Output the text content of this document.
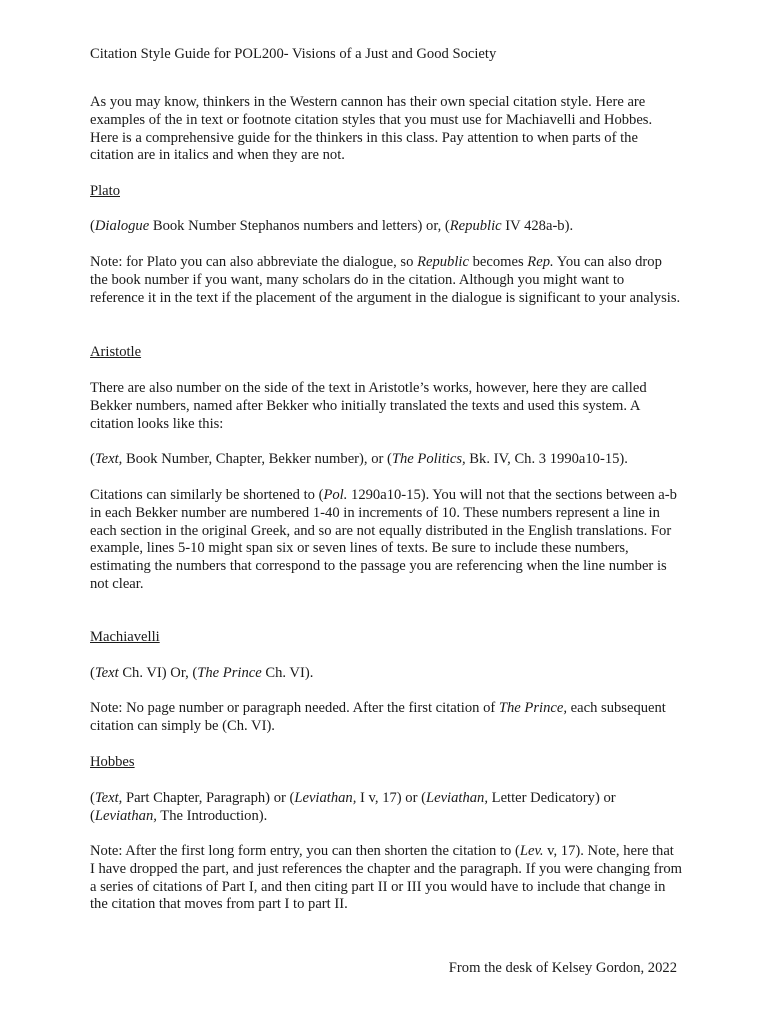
Citation Style Guide for POL200- Visions of a Just and Good Society

As you may know, thinkers in the Western cannon has their own special citation style. Here are examples of the in text or footnote citation styles that you must use for Machiavelli and Hobbes. Here is a comprehensive guide for the thinkers in this class. Pay attention to when parts of the citation are in italics and when they are not.

Plato

(Dialogue Book Number Stephanos numbers and letters) or, (Republic IV 428a-b).

Note: for Plato you can also abbreviate the dialogue, so Republic becomes Rep. You can also drop the book number if you want, many scholars do in the citation. Although you might want to reference it in the text if the placement of the argument in the dialogue is significant to your analysis.

Aristotle

There are also number on the side of the text in Aristotle’s works, however, here they are called Bekker numbers, named after Bekker who initially translated the texts and used this system. A citation looks like this:

(Text, Book Number, Chapter, Bekker number), or (The Politics, Bk. IV, Ch. 3 1990a10-15).

Citations can similarly be shortened to (Pol. 1290a10-15). You will not that the sections between a-b in each Bekker number are numbered 1-40 in increments of 10. These numbers represent a line in each section in the original Greek, and so are not equally distributed in the English translations. For example, lines 5-10 might span six or seven lines of texts. Be sure to include these numbers, estimating the numbers that correspond to the passage you are referencing when the line number is not clear.

Machiavelli

(Text Ch. VI) Or, (The Prince Ch. VI).

Note: No page number or paragraph needed. After the first citation of The Prince, each subsequent citation can simply be (Ch. VI).

Hobbes

(Text, Part Chapter, Paragraph) or (Leviathan, I v, 17) or (Leviathan, Letter Dedicatory) or (Leviathan, The Introduction).

Note: After the first long form entry, you can then shorten the citation to (Lev. v, 17). Note, here that I have dropped the part, and just references the chapter and the paragraph. If you were changing from a series of citations of Part I, and then citing part II or III you would have to include that change in the citation that moves from part I to part II.

From the desk of Kelsey Gordon, 2022
